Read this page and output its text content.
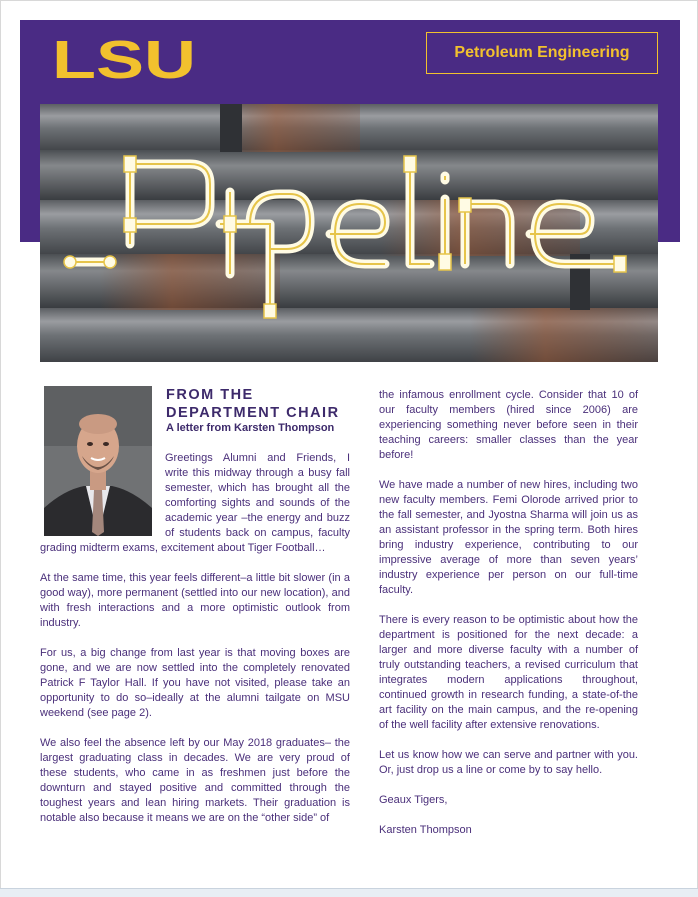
LSU	Petroleum Engineering
FROM THE
DEPARTMENT CHAIR
A letter from Karsten Thompson
Greetings Alumni and Friends, I
write this midway through a busy fall
semester, which has brought all the
comforting sights and sounds of the
academic year –the energy and buzz
of students back on campus, faculty
grading midterm exams, excitement about Tiger Football…

At the same time, this year feels different–a little bit slower (in a good way), more permanent (settled into our new location), and with fresh interactions and a more optimistic outlook from industry.

For us, a big change from last year is that moving boxes are gone, and we are now settled into the completely renovated Patrick F Taylor Hall. If you have not visited, please take an opportunity to do so–ideally at the alumni tailgate on MSU weekend (see page 2).

We also feel the absence left by our May 2018 graduates– the largest graduating class in decades. We are very proud of these students, who came in as freshmen just before the downturn and stayed positive and committed through the toughest years and lean hiring markets. Their graduation is notable also because it means we are on the “other side” of

the infamous enrollment cycle. Consider that 10 of our faculty members (hired since 2006) are experiencing something never before seen in their teaching careers: smaller classes than the year before!

We have made a number of new hires, including two new faculty members. Femi Olorode arrived prior to the fall semester, and Jyostna Sharma will join us as an assistant professor in the spring term. Both hires bring industry experience, contributing to our impressive average of more than seven years’ industry experience per person on our full-time faculty.

There is every reason to be optimistic about how the department is positioned for the next decade: a larger and more diverse faculty with a number of truly outstanding teachers, a revised curriculum that integrates modern applications throughout, continued growth in research funding, a state-of-the art facility on the main campus, and the re-opening of the well facility after extensive renovations.

Let us know how we can serve and partner with you. Or, just drop us a line or come by to say hello.

Geaux Tigers,

Karsten Thompson
